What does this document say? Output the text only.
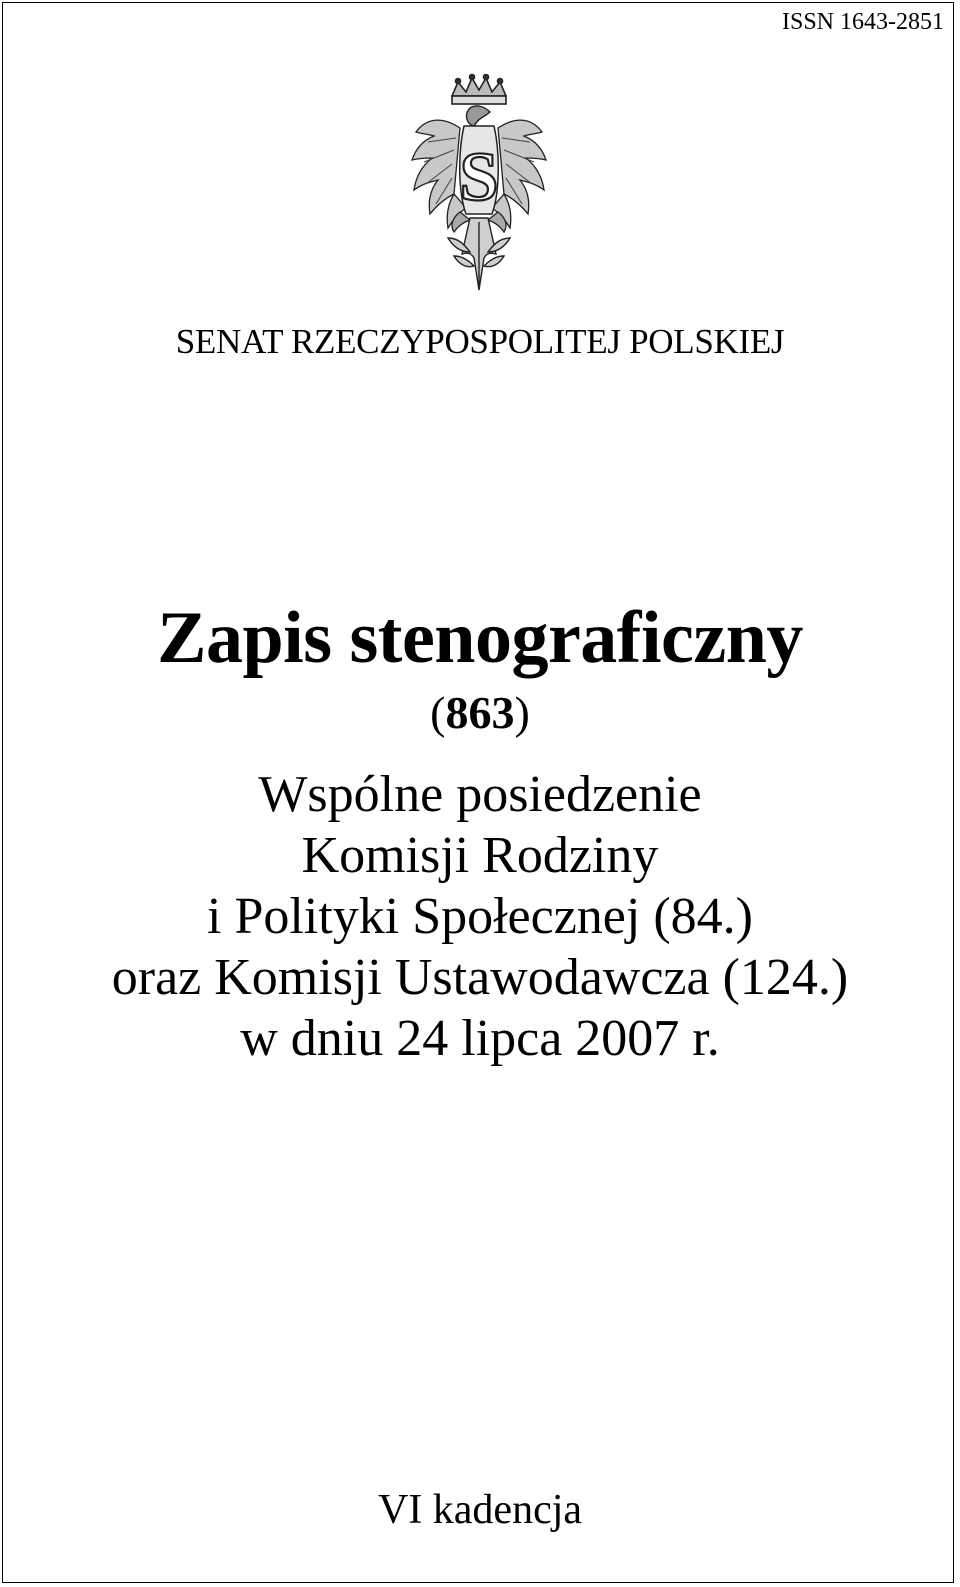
ISSN 1643-2851
S
SENAT RZECZYPOSPOLITEJ POLSKIEJ
Zapis stenograficzny
(863)
Wspólne posiedzenie
Komisji Rodziny
i Polityki Społecznej (84.)
oraz Komisji Ustawodawcza (124.)
w dniu 24 lipca 2007 r.
VI kadencja
